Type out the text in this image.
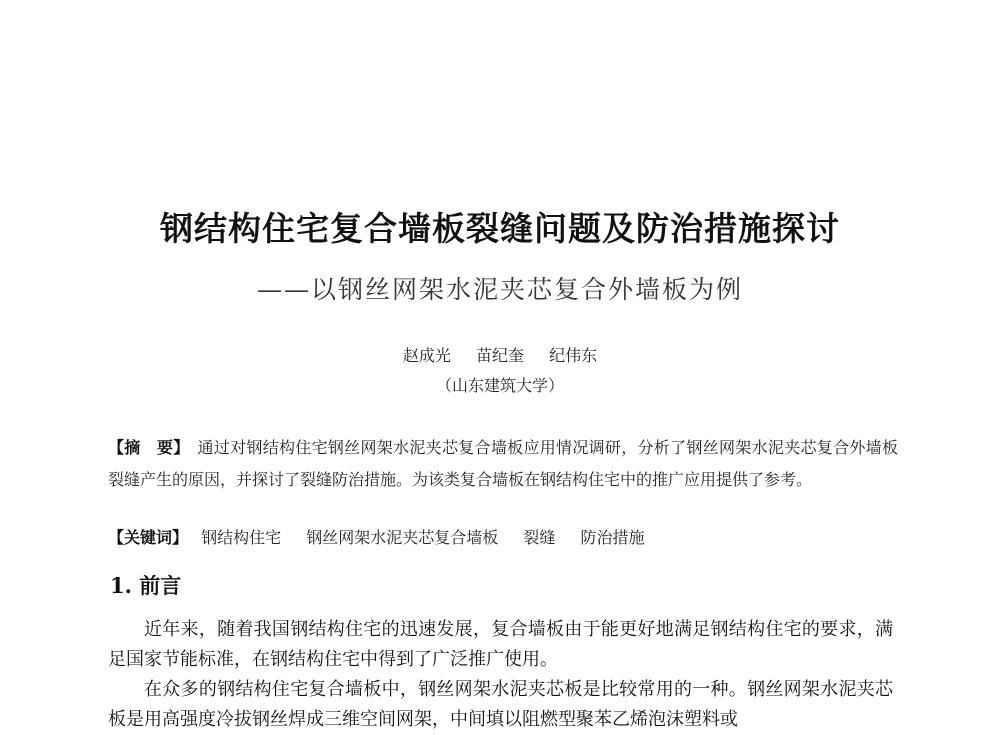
钢结构住宅复合墙板裂缝问题及防治措施探讨
——以钢丝网架水泥夹芯复合外墙板为例
赵成光 苗纪奎 纪伟东
（山东建筑大学）
【摘　要】 通过对钢结构住宅钢丝网架水泥夹芯复合墙板应用情况调研，分析了钢丝网架水泥夹芯复合外墙板裂缝产生的原因，并探讨了裂缝防治措施。为该类复合墙板在钢结构住宅中的推广应用提供了参考。
【关键词】 钢结构住宅 钢丝网架水泥夹芯复合墙板 裂缝 防治措施
1. 前言

近年来，随着我国钢结构住宅的迅速发展，复合墙板由于能更好地满足钢结构住宅的要求，满足国家节能标准，在钢结构住宅中得到了广泛推广使用。

在众多的钢结构住宅复合墙板中，钢丝网架水泥夹芯板是比较常用的一种。钢丝网架水泥夹芯板是用高强度冷拔钢丝焊成三维空间网架，中间填以阻燃型聚苯乙烯泡沫塑料或
